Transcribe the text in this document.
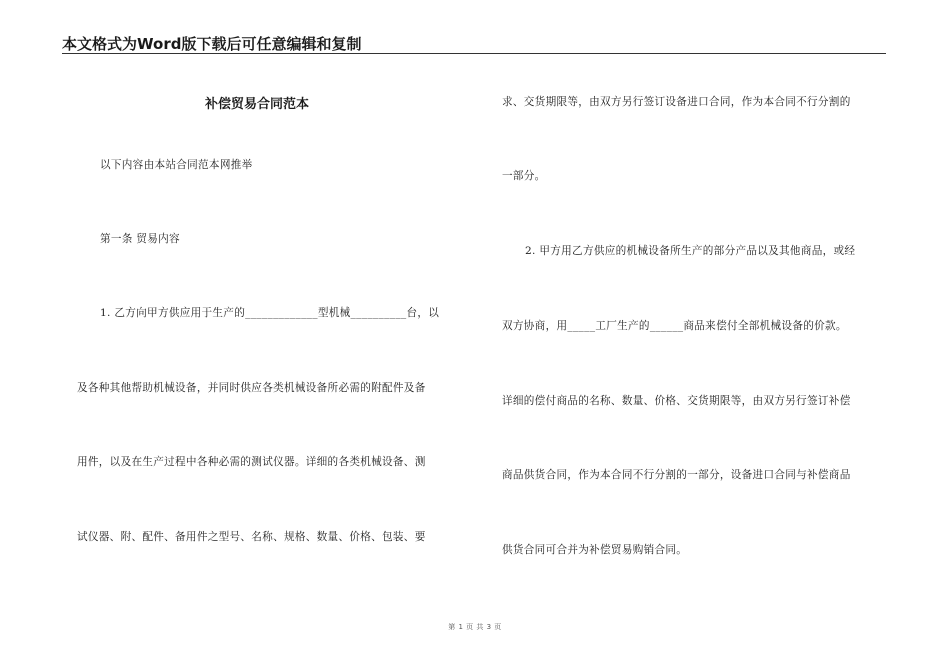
本文格式为Word版下载后可任意编辑和复制
补偿贸易合同范本
以下内容由本站合同范本网推举
第一条 贸易内容
1. 乙方向甲方供应用于生产的_____________型机械__________台，以
及各种其他帮助机械设备，并同时供应各类机械设备所必需的附配件及备
用件，以及在生产过程中各种必需的测试仪器。详细的各类机械设备、测
试仪器、附、配件、备用件之型号、名称、规格、数量、价格、包装、要
求、交货期限等，由双方另行签订设备进口合同，作为本合同不行分割的
一部分。
2. 甲方用乙方供应的机械设备所生产的部分产品以及其他商品，或经
双方协商，用_____工厂生产的______商品来偿付全部机械设备的价款。
详细的偿付商品的名称、数量、价格、交货期限等，由双方另行签订补偿
商品供货合同，作为本合同不行分割的一部分，设备进口合同与补偿商品
供货合同可合并为补偿贸易购销合同。
第 1 页 共 3 页
